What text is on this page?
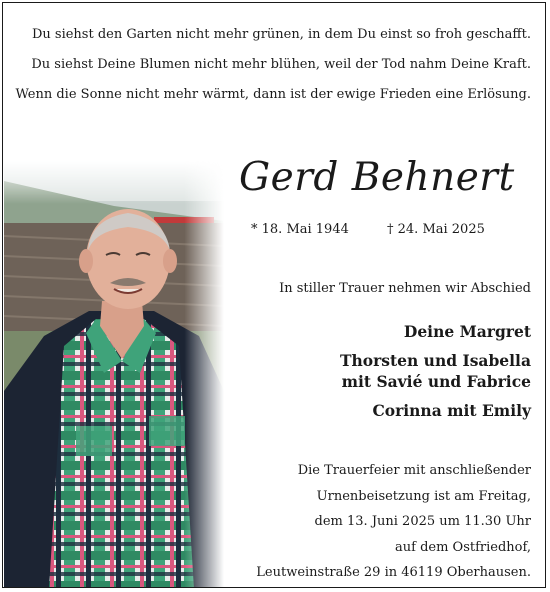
Du siehst den Garten nicht mehr grünen, in dem Du einst so froh geschafft.
Du siehst Deine Blumen nicht mehr blühen, weil der Tod nahm Deine Kraft.
Wenn die Sonne nicht mehr wärmt, dann ist der ewige Frieden eine Erlösung.
Gerd Behnert
* 18. Mai 1944	† 24. Mai 2025
In stiller Trauer nehmen wir Abschied
Deine Margret
Thorsten und Isabella
mit Savié und Fabrice
Corinna mit Emily
Die Trauerfeier mit anschließender
Urnenbeisetzung ist am Freitag,
dem 13. Juni 2025 um 11.30 Uhr
auf dem Ostfriedhof,
Leutweinstraße 29 in 46119 Oberhausen.
